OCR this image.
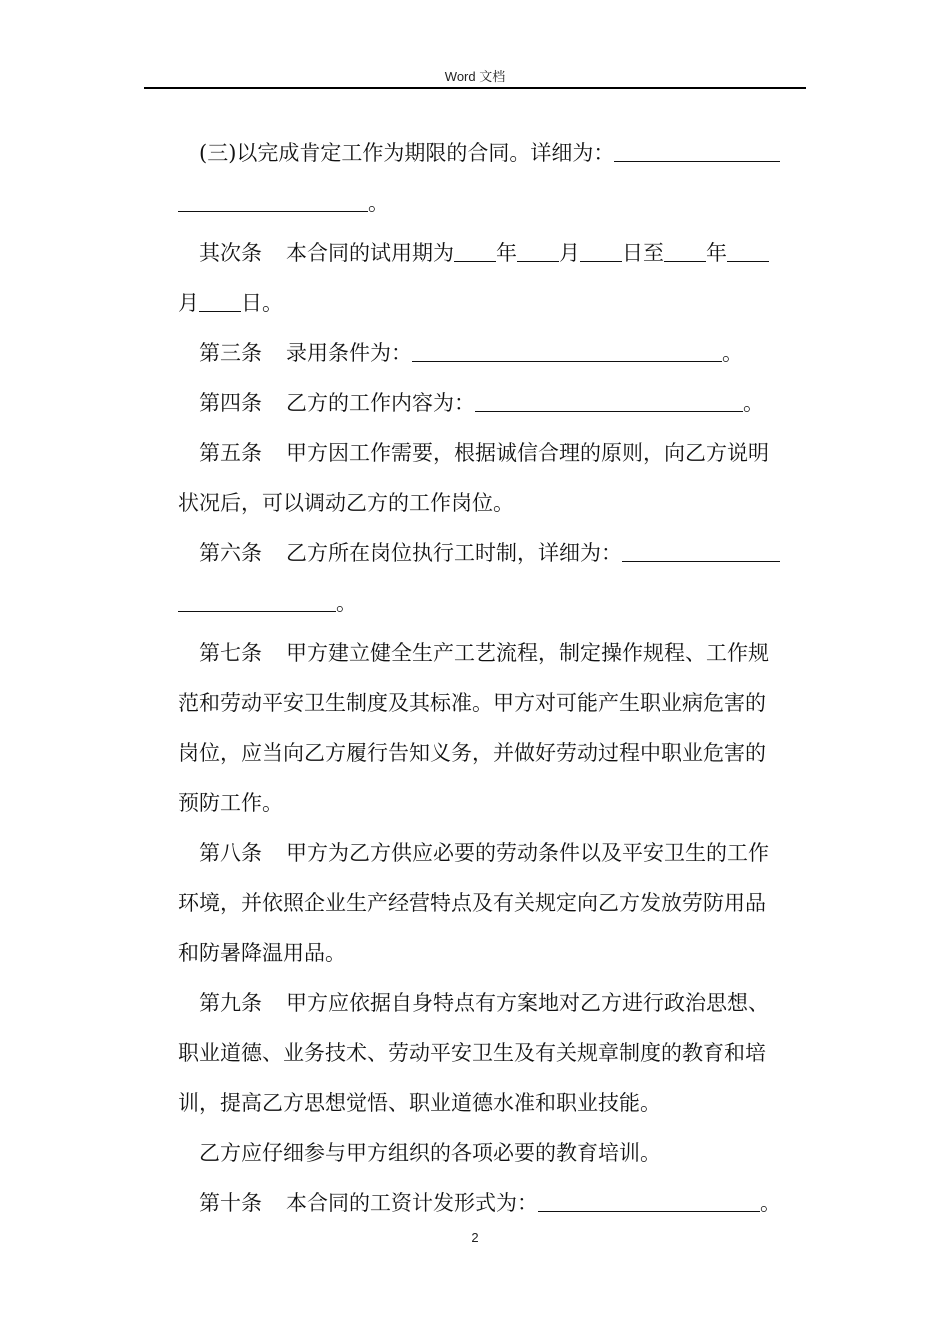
Word 文档
(三)以完成肯定工作为期限的合同。详细为：
。
其次条 本合同的试用期为 年 月 日至 年
月 日。
第三条 录用条件为：	。
第四条 乙方的工作内容为：	。
第五条 甲方因工作需要，根据诚信合理的原则，向乙方说明
状况后，可以调动乙方的工作岗位。
第六条 乙方所在岗位执行工时制，详细为：
。
第七条 甲方建立健全生产工艺流程，制定操作规程、工作规
范和劳动平安卫生制度及其标准。甲方对可能产生职业病危害的
岗位，应当向乙方履行告知义务，并做好劳动过程中职业危害的
预防工作。
第八条 甲方为乙方供应必要的劳动条件以及平安卫生的工作
环境，并依照企业生产经营特点及有关规定向乙方发放劳防用品
和防暑降温用品。
第九条 甲方应依据自身特点有方案地对乙方进行政治思想、
职业道德、业务技术、劳动平安卫生及有关规章制度的教育和培
训，提高乙方思想觉悟、职业道德水准和职业技能。
乙方应仔细参与甲方组织的各项必要的教育培训。
第十条 本合同的工资计发形式为：	。
2
